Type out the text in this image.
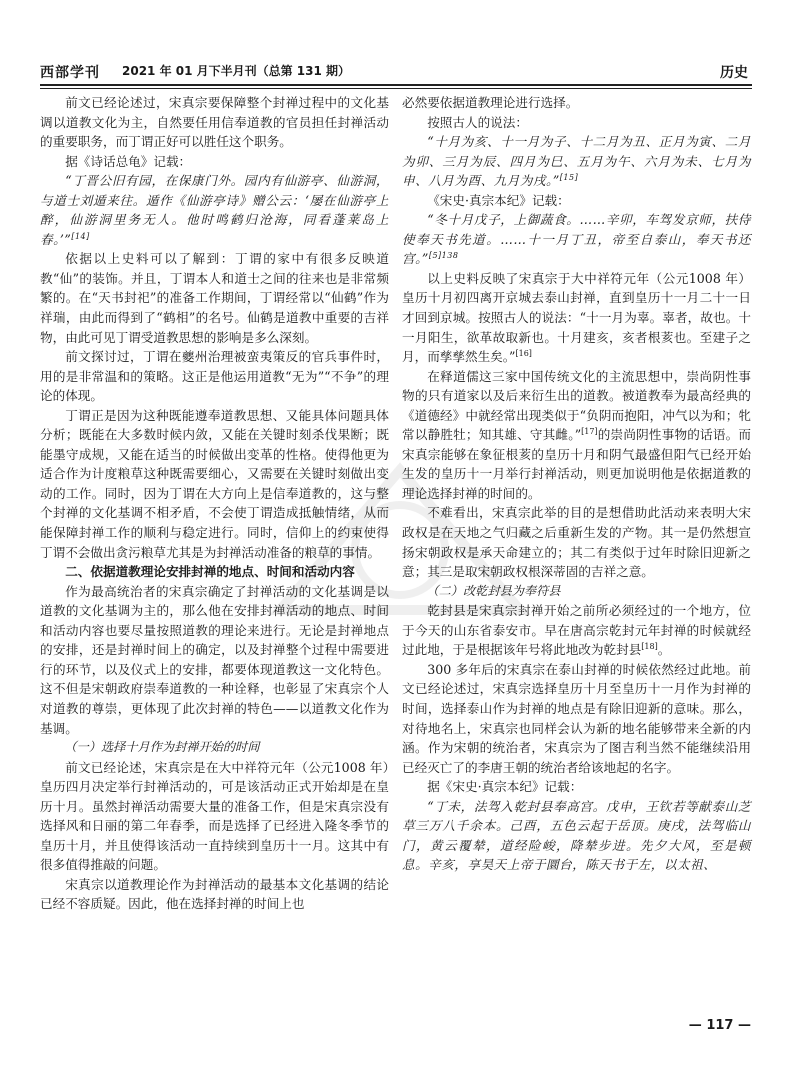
西部学刊 2021 年 01 月下半月刊（总第 131 期）	历史

前文已经论述过，宋真宗要保障整个封禅过程中的文化基调以道教文化为主，自然要任用信奉道教的官员担任封禅活动的重要职务，而丁谓正好可以胜任这个职务。

据《诗话总龟》记载：

“丁晋公旧有园，在保康门外。园内有仙游亭、仙游洞，与道士刘遁来往。遁作《仙游亭诗》赠公云：‘屡在仙游亭上醉，仙游洞里务无人。他时鸣鹤归沧海，同看蓬莱岛上春。’”[14]

依据以上史料可以了解到：丁谓的家中有很多反映道教“仙”的装饰。并且，丁谓本人和道士之间的往来也是非常频繁的。在“天书封祀”的准备工作期间，丁谓经常以“仙鹤”作为祥瑞，由此而得到了“鹤相”的名号。仙鹤是道教中重要的吉祥物，由此可见丁谓受道教思想的影响是多么深刻。

前文探讨过，丁谓在夔州治理被蛮夷策反的官兵事件时，用的是非常温和的策略。这正是他运用道教“无为”“不争”的理论的体现。

丁谓正是因为这种既能遵奉道教思想、又能具体问题具体分析；既能在大多数时候内敛，又能在关键时刻杀伐果断；既能墨守成规，又能在适当的时候做出变革的性格。使得他更为适合作为计度粮草这种既需要细心，又需要在关键时刻做出变动的工作。同时，因为丁谓在大方向上是信奉道教的，这与整个封禅的文化基调不相矛盾，不会使丁谓造成抵触情绪，从而能保障封禅工作的顺利与稳定进行。同时，信仰上的约束使得丁谓不会做出贪污粮草尤其是为封禅活动准备的粮草的事情。

二、依据道教理论安排封禅的地点、时间和活动内容

作为最高统治者的宋真宗确定了封禅活动的文化基调是以道教的文化基调为主的，那么他在安排封禅活动的地点、时间和活动内容也要尽量按照道教的理论来进行。无论是封禅地点的安排，还是封禅时间上的确定，以及封禅整个过程中需要进行的环节，以及仪式上的安排，都要体现道教这一文化特色。这不但是宋朝政府崇奉道教的一种诠释，也彰显了宋真宗个人对道教的尊崇，更体现了此次封禅的特色——以道教文化作为基调。

（一）选择十月作为封禅开始的时间

前文已经论述，宋真宗是在大中祥符元年（公元1008 年）皇历四月决定举行封禅活动的，可是该活动正式开始却是在皇历十月。虽然封禅活动需要大量的准备工作，但是宋真宗没有选择风和日丽的第二年春季，而是选择了已经进入隆冬季节的皇历十月，并且使得该活动一直持续到皇历十一月。这其中有很多值得推敲的问题。

宋真宗以道教理论作为封禅活动的最基本文化基调的结论已经不容质疑。因此，他在选择封禅的时间上也

必然要依据道教理论进行选择。

按照古人的说法：

“十月为亥、十一月为子、十二月为丑、正月为寅、二月为卯、三月为辰、四月为巳、五月为午、六月为未、七月为申、八月为酉、九月为戌。”[15]

《宋史·真宗本纪》记载：

“冬十月戊子，上御蔬食。……辛卯，车驾发京师，扶侍使奉天书先道。……十一月丁丑，帝至自泰山，奉天书还宫。”$^{[5]138}$

以上史料反映了宋真宗于大中祥符元年（公元1008 年）皇历十月初四离开京城去泰山封禅，直到皇历十一月二十一日才回到京城。按照古人的说法：“十一月为辜。辜者，故也。十一月阳生，欲革故取新也。十月建亥，亥者根荄也。至建子之月，而孳孳然生矣。”[16]

在释道儒这三家中国传统文化的主流思想中，崇尚阴性事物的只有道家以及后来衍生出的道教。被道教奉为最高经典的《道德经》中就经常出现类似于“负阴而抱阳，冲气以为和；牝常以静胜牡；知其雄、守其雌。”[17]的崇尚阴性事物的话语。而宋真宗能够在象征根荄的皇历十月和阴气最盛但阳气已经开始生发的皇历十一月举行封禅活动，则更加说明他是依据道教的理论选择封禅的时间的。

不难看出，宋真宗此举的目的是想借助此活动来表明大宋政权是在天地之气归藏之后重新生发的产物。其一是仍然想宣扬宋朝政权是承天命建立的；其二有类似于过年时除旧迎新之意；其三是取宋朝政权根深蒂固的吉祥之意。

（二）改乾封县为奉符县

乾封县是宋真宗封禅开始之前所必须经过的一个地方，位于今天的山东省泰安市。早在唐高宗乾封元年封禅的时候就经过此地，于是根据该年号将此地改为乾封县[18]。

300 多年后的宋真宗在泰山封禅的时候依然经过此地。前文已经论述过，宋真宗选择皇历十月至皇历十一月作为封禅的时间，选择泰山作为封禅的地点是有除旧迎新的意味。那么，对待地名上，宋真宗也同样会认为新的地名能够带来全新的内涵。作为宋朝的统治者，宋真宗为了图吉利当然不能继续沿用已经灭亡了的李唐王朝的统治者给该地起的名字。

据《宋史·真宗本纪》记载：

“丁未，法驾入乾封县奉高宫。戊申，王钦若等献泰山芝草三万八千余本。己酉，五色云起于岳顶。庚戌，法驾临山门，黄云覆辇，道经险峻，降辇步进。先夕大风，至是顿息。辛亥，享昊天上帝于圜台，陈天书于左，以太祖、

— 117 —
